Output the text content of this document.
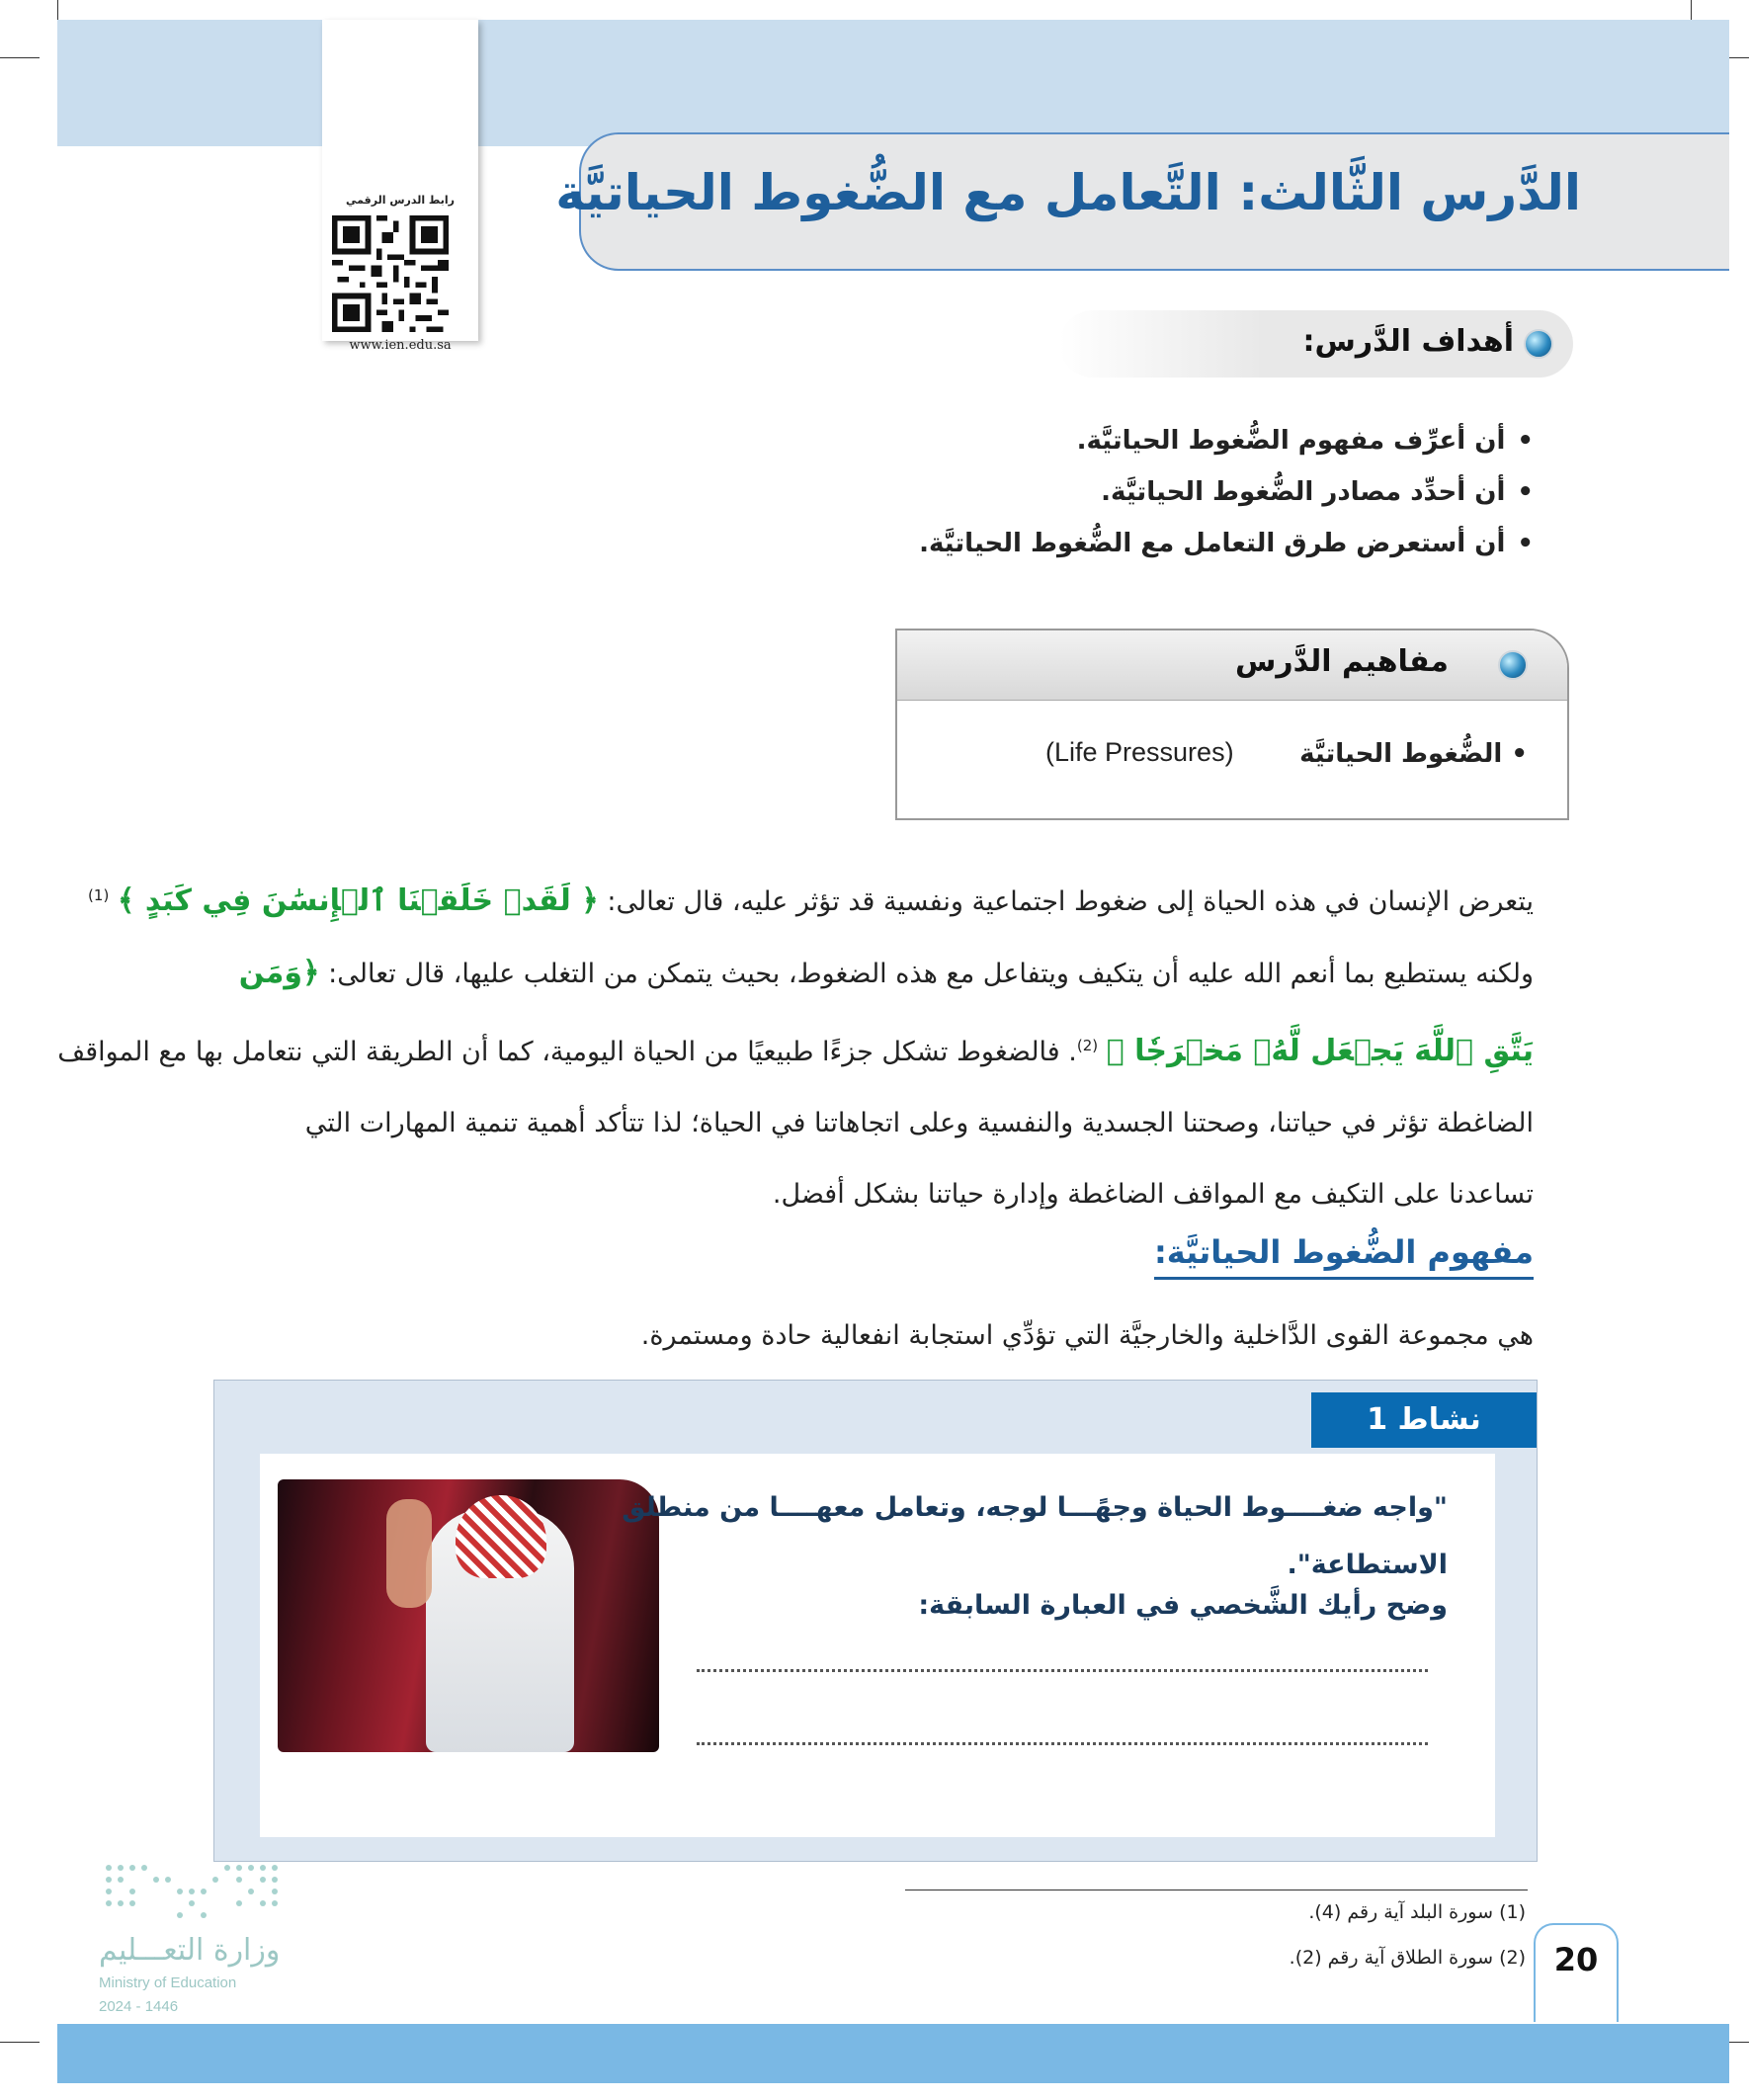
رابط الدرس الرقمي
www.ien.edu.sa
الدَّرس الثَّالث: التَّعامل مع الضُّغوط الحياتيَّة
أهداف الدَّرس:
• أن أعرِّف مفهوم الضُّغوط الحياتيَّة.
• أن أحدِّد مصادر الضُّغوط الحياتيَّة.
• أن أستعرض طرق التعامل مع الضُّغوط الحياتيَّة.
مفاهيم الدَّرس
• الضُّغوط الحياتيَّة
(Life Pressures)
يتعرض الإنسان في هذه الحياة إلى ضغوط اجتماعية ونفسية قد تؤثر عليه، قال تعالى: ﴿ لَقَدۡ خَلَقۡنَا ٱلۡإِنسَٰنَ فِي كَبَدٍ ﴾ $^{(1)}$
ولكنه يستطيع بما أنعم الله عليه أن يتكيف ويتفاعل مع هذه الضغوط، بحيث يتمكن من التغلب عليها، قال تعالى: ﴿وَمَن
يَتَّقِ ٱللَّهَ يَجۡعَل لَّهُۥ مَخۡرَجٗا ﴾ $^{(2)}$. فالضغوط تشكل جزءًا طبيعيًا من الحياة اليومية، كما أن الطريقة التي نتعامل بها مع المواقف
الضاغطة تؤثر في حياتنا، وصحتنا الجسدية والنفسية وعلى اتجاهاتنا في الحياة؛ لذا تتأكد أهمية تنمية المهارات التي
تساعدنا على التكيف مع المواقف الضاغطة وإدارة حياتنا بشكل أفضل.
مفهوم الضُّغوط الحياتيَّة:
هي مجموعة القوى الدَّاخلية والخارجيَّة التي تؤدِّي استجابة انفعالية حادة ومستمرة.
نشاط 1
"واجه ضغــــوط الحياة وجهًـــا لوجه، وتعامل معهــــا من منطلق
الاستطاعة".
وضح رأيك الشَّخصي في العبارة السابقة:
(1) سورة البلد آية رقم (4).
(2) سورة الطلاق آية رقم (2).
وزارة التعـــليم
Ministry of Education
2024 - 1446
20
